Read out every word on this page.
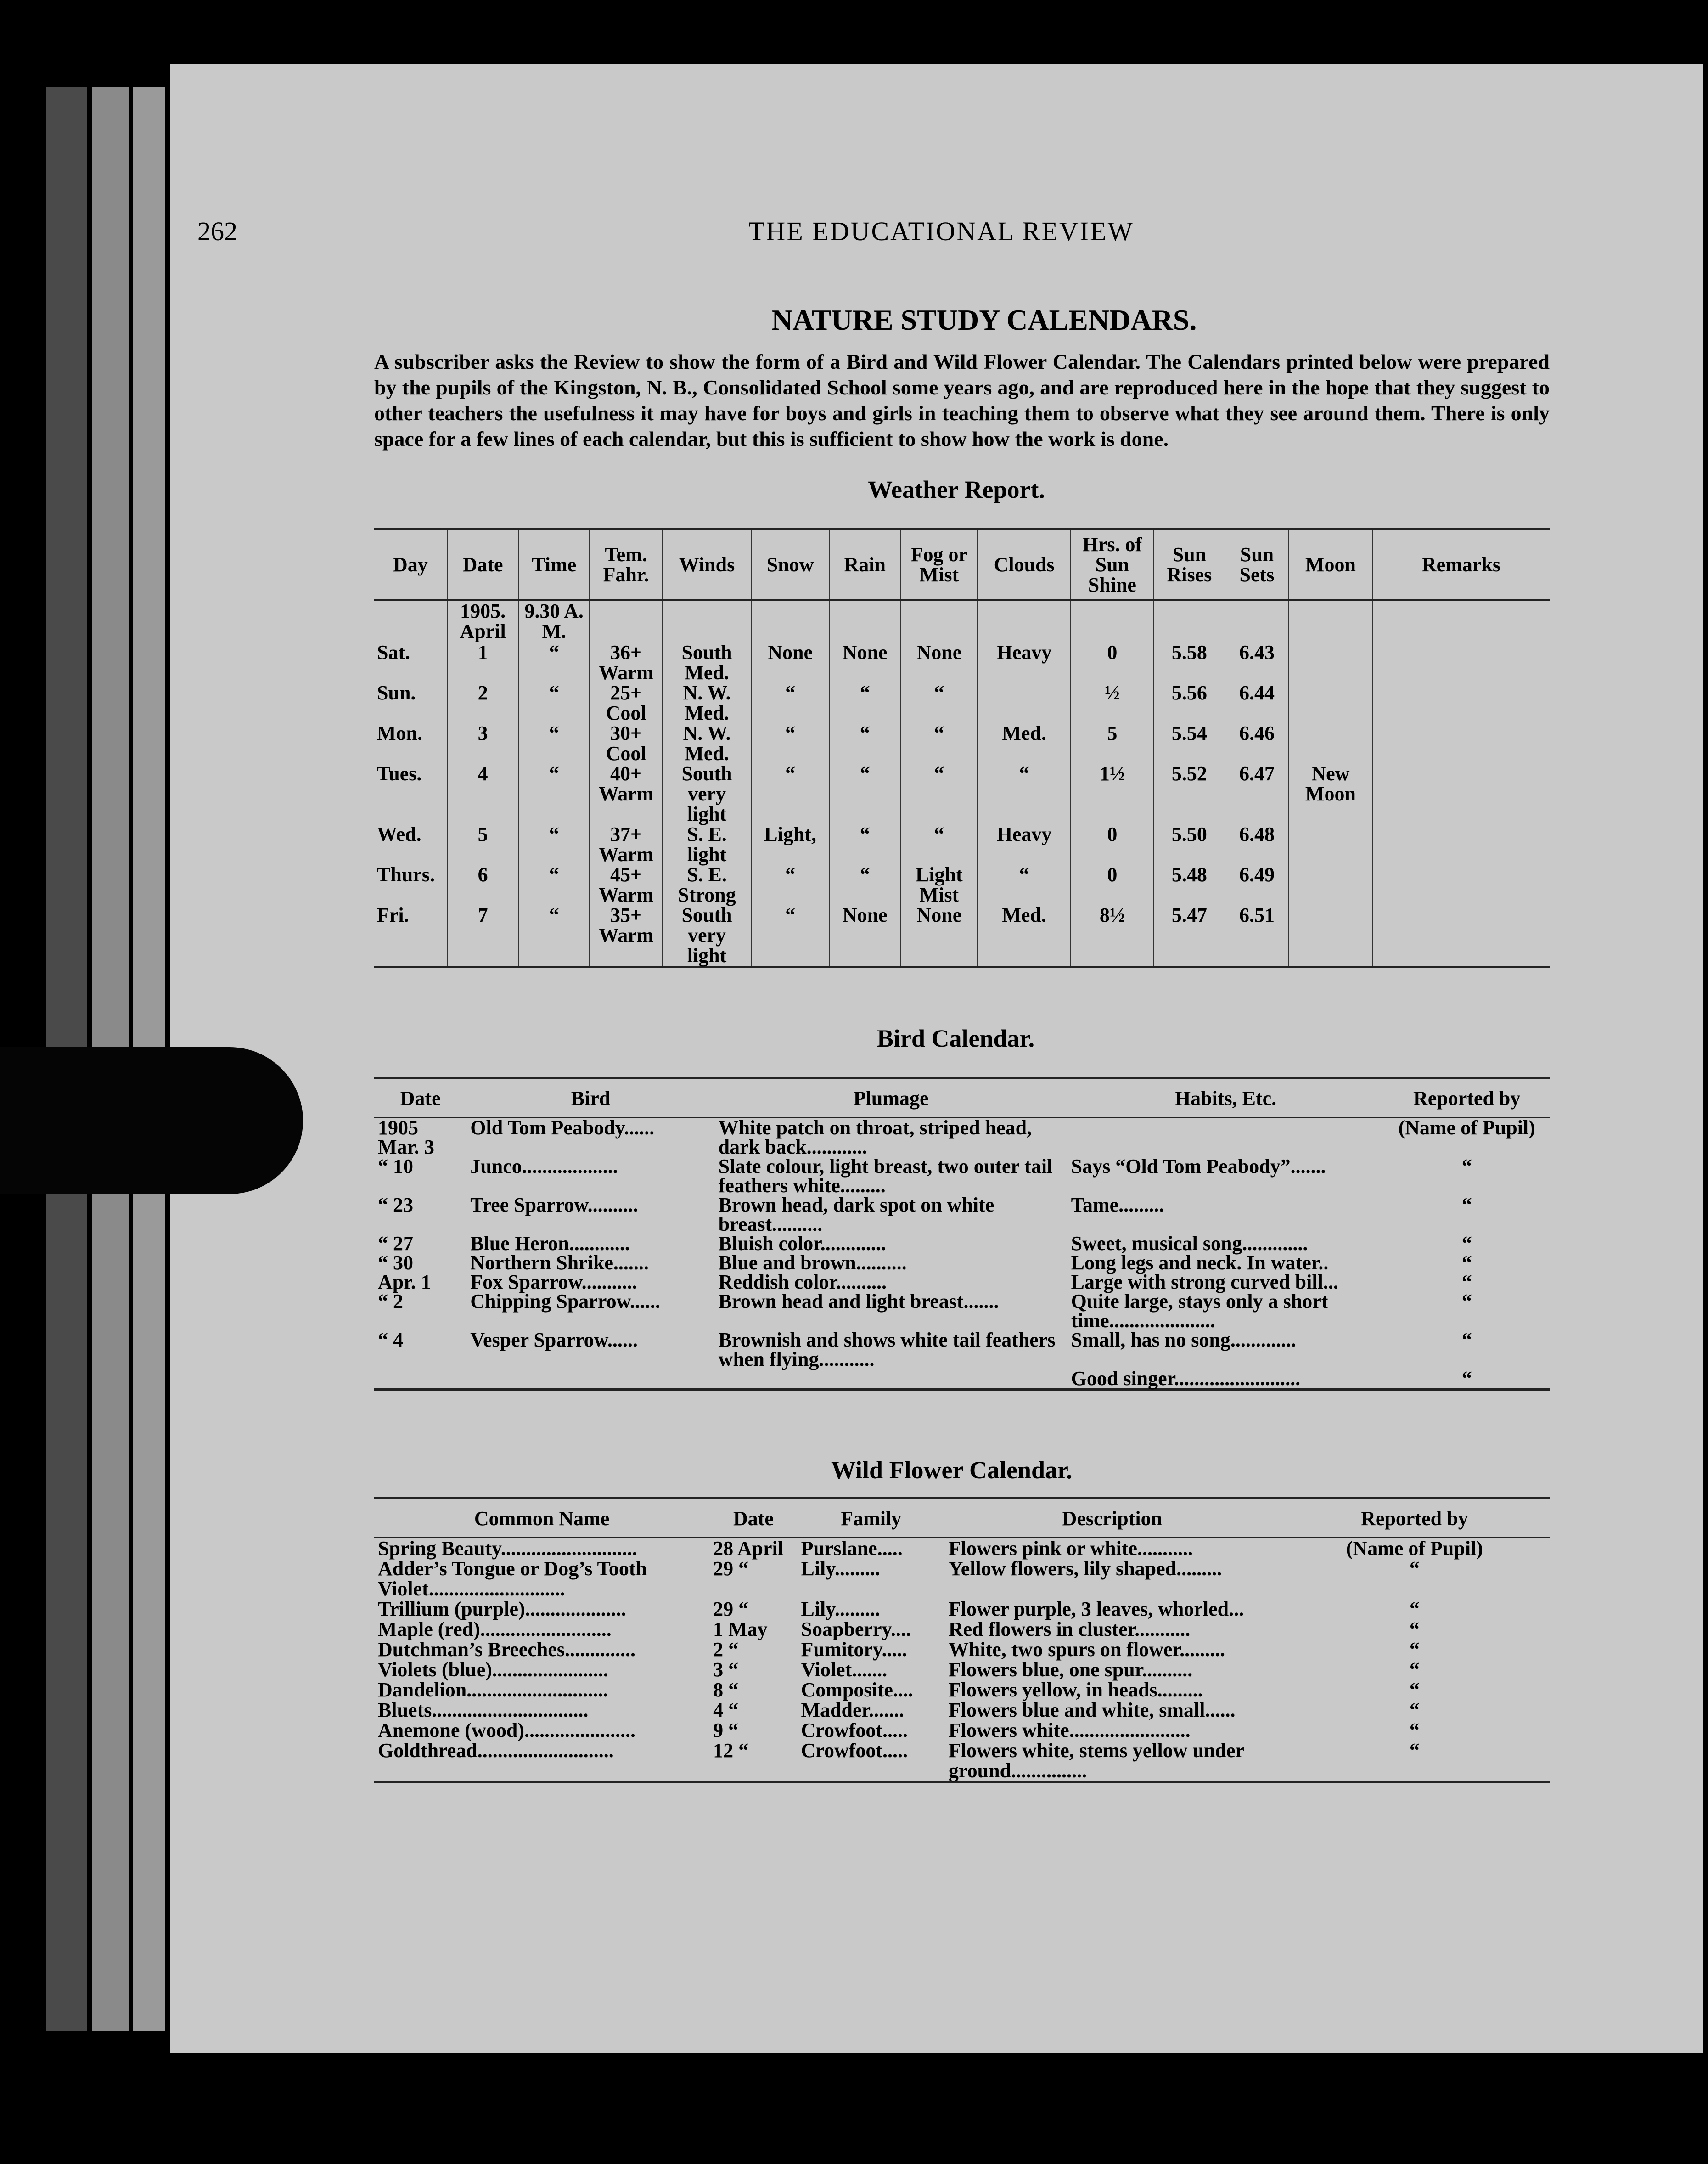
262	THE EDUCATIONAL REVIEW
NATURE STUDY CALENDARS.
A subscriber asks the Review to show the form of a Bird and Wild Flower Calendar. The Calendars printed below were prepared by the pupils of the Kingston, N. B., Consolidated School some years ago, and are reproduced here in the hope that they suggest to other teachers the usefulness it may have for boys and girls in teaching them to observe what they see around them. There is only space for a few lines of each calendar, but this is sufficient to show how the work is done.
Weather Report.
Day	Date	Time	Tem. Fahr.	Winds	Snow	Rain	Fog or Mist	Clouds	Hrs. of Sun Shine	Sun Rises	Sun Sets	Moon	Remarks
	1905. April	9.30 A. M.											
Sat.	1	“	36+ Warm	South Med.	None	None	None	Heavy	0	5.58	6.43		
Sun.	2	“	25+ Cool	N. W. Med.	“	“	“		½	5.56	6.44		
Mon.	3	“	30+ Cool	N. W. Med.	“	“	“	Med.	5	5.54	6.46		
Tues.	4	“	40+ Warm	South very light	“	“	“	“	1½	5.52	6.47	New Moon	
Wed.	5	“	37+ Warm	S. E. light	Light,	“	“	Heavy	0	5.50	6.48		
Thurs.	6	“	45+ Warm	S. E. Strong	“	“	Light Mist	“	0	5.48	6.49		
Fri.	7	“	35+ Warm	South very light	“	None	None	Med.	8½	5.47	6.51		
Bird Calendar.
Date	Bird	Plumage	Habits, Etc.	Reported by
1905 Mar. 3	Old Tom Peabody......	White patch on throat, striped head, dark back............		(Name of Pupil)
“ 10	Junco...................	Slate colour, light breast, two outer tail feathers white.........	Says “Old Tom Peabody”.......	“
“ 23	Tree Sparrow..........	Brown head, dark spot on white breast..........	Tame.........	“
“ 27	Blue Heron............	Bluish color.............	Sweet, musical song.............	“
“ 30	Northern Shrike.......	Blue and brown..........	Long legs and neck. In water..	“
Apr. 1	Fox Sparrow...........	Reddish color..........	Large with strong curved bill...	“
“ 2	Chipping Sparrow......	Brown head and light breast.......	Quite large, stays only a short time.....................	“
“ 4	Vesper Sparrow......	Brownish and shows white tail feathers when flying...........	Small, has no song.............	“
			Good singer.........................	“
Wild Flower Calendar.
Common Name	Date	Family	Description	Reported by
Spring Beauty...........................	28 April	Purslane.....	Flowers pink or white...........	(Name of Pupil)
Adder’s Tongue or Dog’s Tooth Violet...........................	29 “	Lily.........	Yellow flowers, lily shaped.........	“
Trillium (purple)....................	29 “	Lily.........	Flower purple, 3 leaves, whorled...	“
Maple (red)..........................	1 May	Soapberry....	Red flowers in cluster...........	“
Dutchman’s Breeches..............	2 “	Fumitory.....	White, two spurs on flower.........	“
Violets (blue).......................	3 “	Violet.......	Flowers blue, one spur..........	“
Dandelion............................	8 “	Composite....	Flowers yellow, in heads.........	“
Bluets...............................	4 “	Madder.......	Flowers blue and white, small......	“
Anemone (wood)......................	9 “	Crowfoot.....	Flowers white........................	“
Goldthread...........................	12 “	Crowfoot.....	Flowers white, stems yellow under ground...............	“
